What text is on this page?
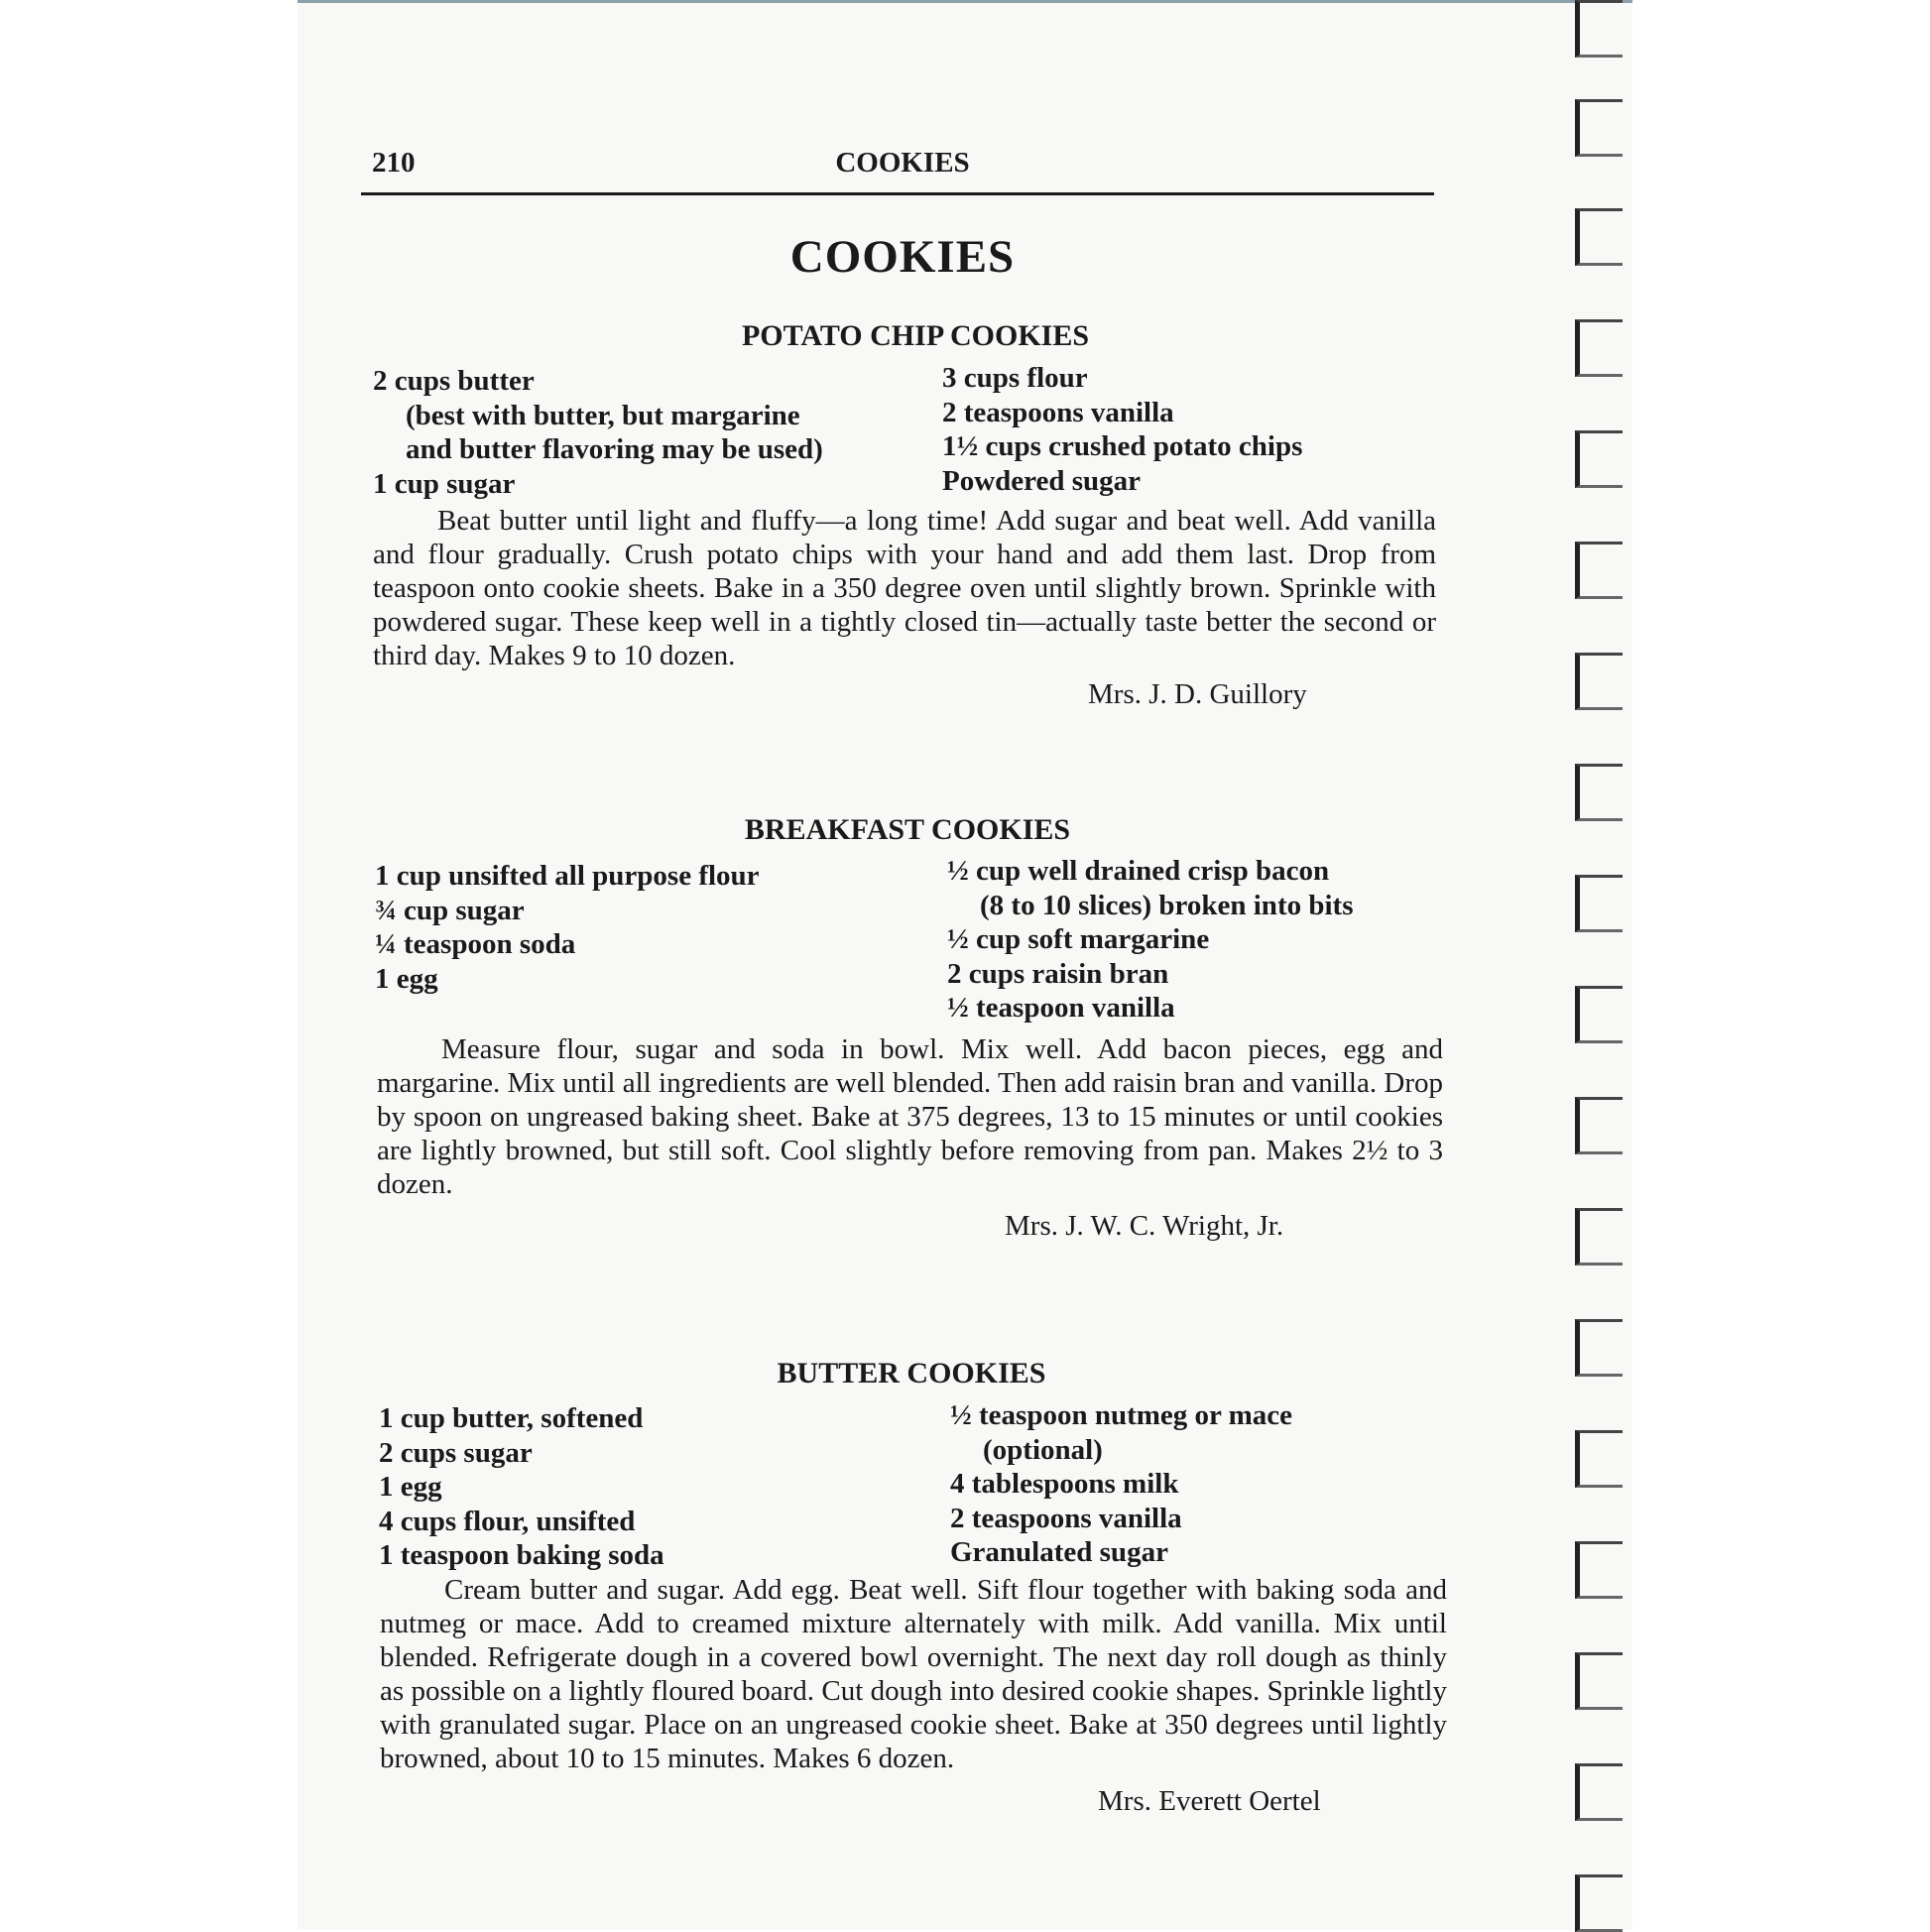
210	COOKIES
COOKIES
POTATO CHIP COOKIES
2 cups butter
(best with butter, but margarine
and butter flavoring may be used)
1 cup sugar
3 cups flour
2 teaspoons vanilla
1½ cups crushed potato chips
Powdered sugar
Beat butter until light and fluffy—a long time! Add sugar and beat well. Add vanilla and flour gradually. Crush potato chips with your hand and add them last. Drop from teaspoon onto cookie sheets. Bake in a 350 degree oven until slightly brown. Sprinkle with powdered sugar. These keep well in a tightly closed tin—actually taste better the second or third day. Makes 9 to 10 dozen.
Mrs. J. D. Guillory
BREAKFAST COOKIES
1 cup unsifted all purpose flour
¾ cup sugar
¼ teaspoon soda
1 egg
½ cup well drained crisp bacon
(8 to 10 slices) broken into bits
½ cup soft margarine
2 cups raisin bran
½ teaspoon vanilla
Measure flour, sugar and soda in bowl. Mix well. Add bacon pieces, egg and margarine. Mix until all ingredients are well blended. Then add raisin bran and vanilla. Drop by spoon on ungreased baking sheet. Bake at 375 degrees, 13 to 15 minutes or until cookies are lightly browned, but still soft. Cool slightly before removing from pan. Makes 2½ to 3 dozen.
Mrs. J. W. C. Wright, Jr.
BUTTER COOKIES
1 cup butter, softened
2 cups sugar
1 egg
4 cups flour, unsifted
1 teaspoon baking soda
½ teaspoon nutmeg or mace
(optional)
4 tablespoons milk
2 teaspoons vanilla
Granulated sugar
Cream butter and sugar. Add egg. Beat well. Sift flour together with baking soda and nutmeg or mace. Add to creamed mixture alternately with milk. Add vanilla. Mix until blended. Refrigerate dough in a covered bowl overnight. The next day roll dough as thinly as possible on a lightly floured board. Cut dough into desired cookie shapes. Sprinkle lightly with granulated sugar. Place on an ungreased cookie sheet. Bake at 350 degrees until lightly browned, about 10 to 15 minutes. Makes 6 dozen.
Mrs. Everett Oertel
